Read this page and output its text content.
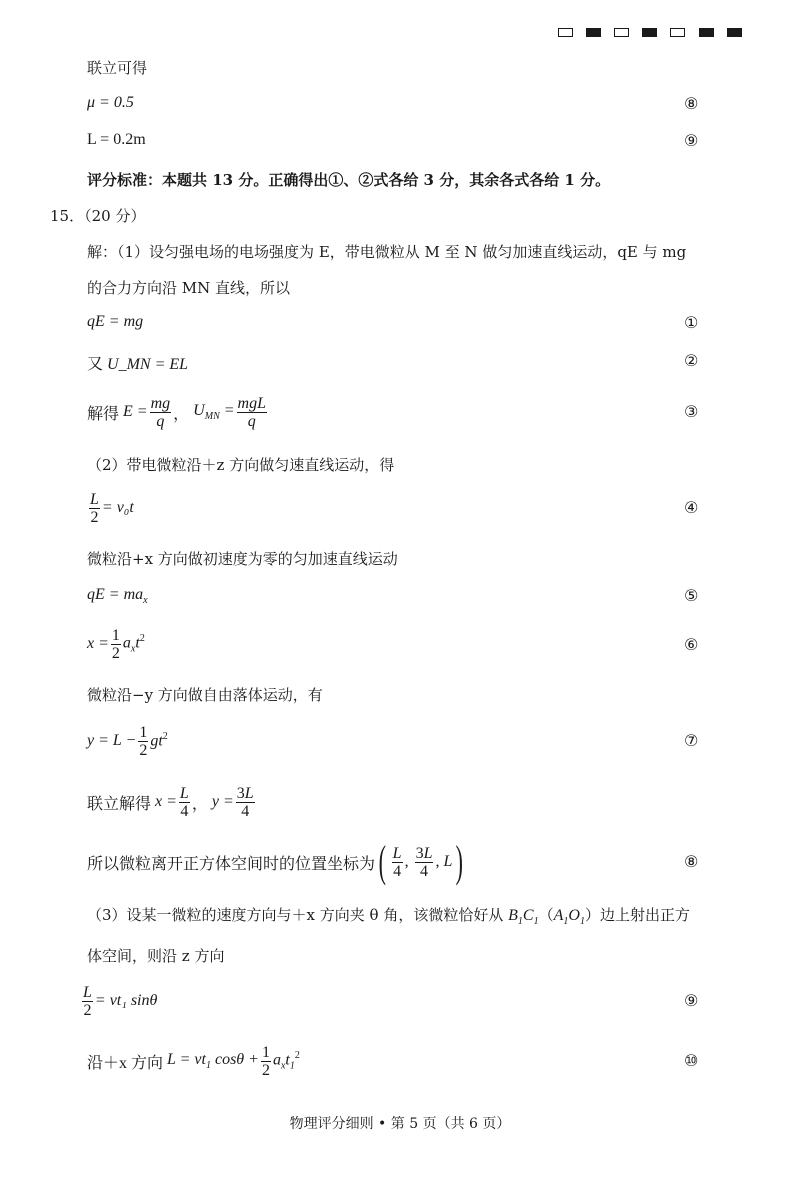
联立可得
μ = 0.5	⑧
L = 0.2m	⑨
评分标准：本题共 13 分。正确得出①、②式各给 3 分，其余各式各给 1 分。
15．（20 分）
解：（1）设匀强电场的电场强度为 E，带电微粒从 M 至 N 做匀加速直线运动，qE 与 mg
的合力方向沿 MN 直线，所以
qE = mg	①
又 U_MN = EL	②
解得 $E = \frac{mg}{q}$ ， $U_{MN} = \frac{\text{mgL}}{q}$	③
（2）带电微粒沿＋z 方向做匀速直线运动，得
$\frac{L}{2} = v_0t$	④
微粒沿+x 方向做初速度为零的匀加速直线运动
qE = $ma_x$	⑤
$x = \frac{1}{2} a_xt^2$	⑥
微粒沿−y 方向做自由落体运动，有
$y = L - \frac{1}{2} gt^2$	⑦
联立解得 $x = \frac{L}{4}$ ， $y = \frac{3L}{4}$
所以微粒离开正方体空间时的位置坐标为 ( $\frac{L}{4}$ , $\frac{3L}{4}$ , L )	⑧
（3）设某一微粒的速度方向与＋x 方向夹 θ 角，该微粒恰好从 $B_1C_1(A_1O_1)$边上射出正方
体空间，则沿 z 方向
$\frac{L}{2} = vt_1$ sinθ	⑨
沿＋x 方向 $L = vt_1$ $\cos\theta + \frac{1}{2} a_xt_1^2$	⑩
物理评分细则 • 第 5 页（共 6 页）
